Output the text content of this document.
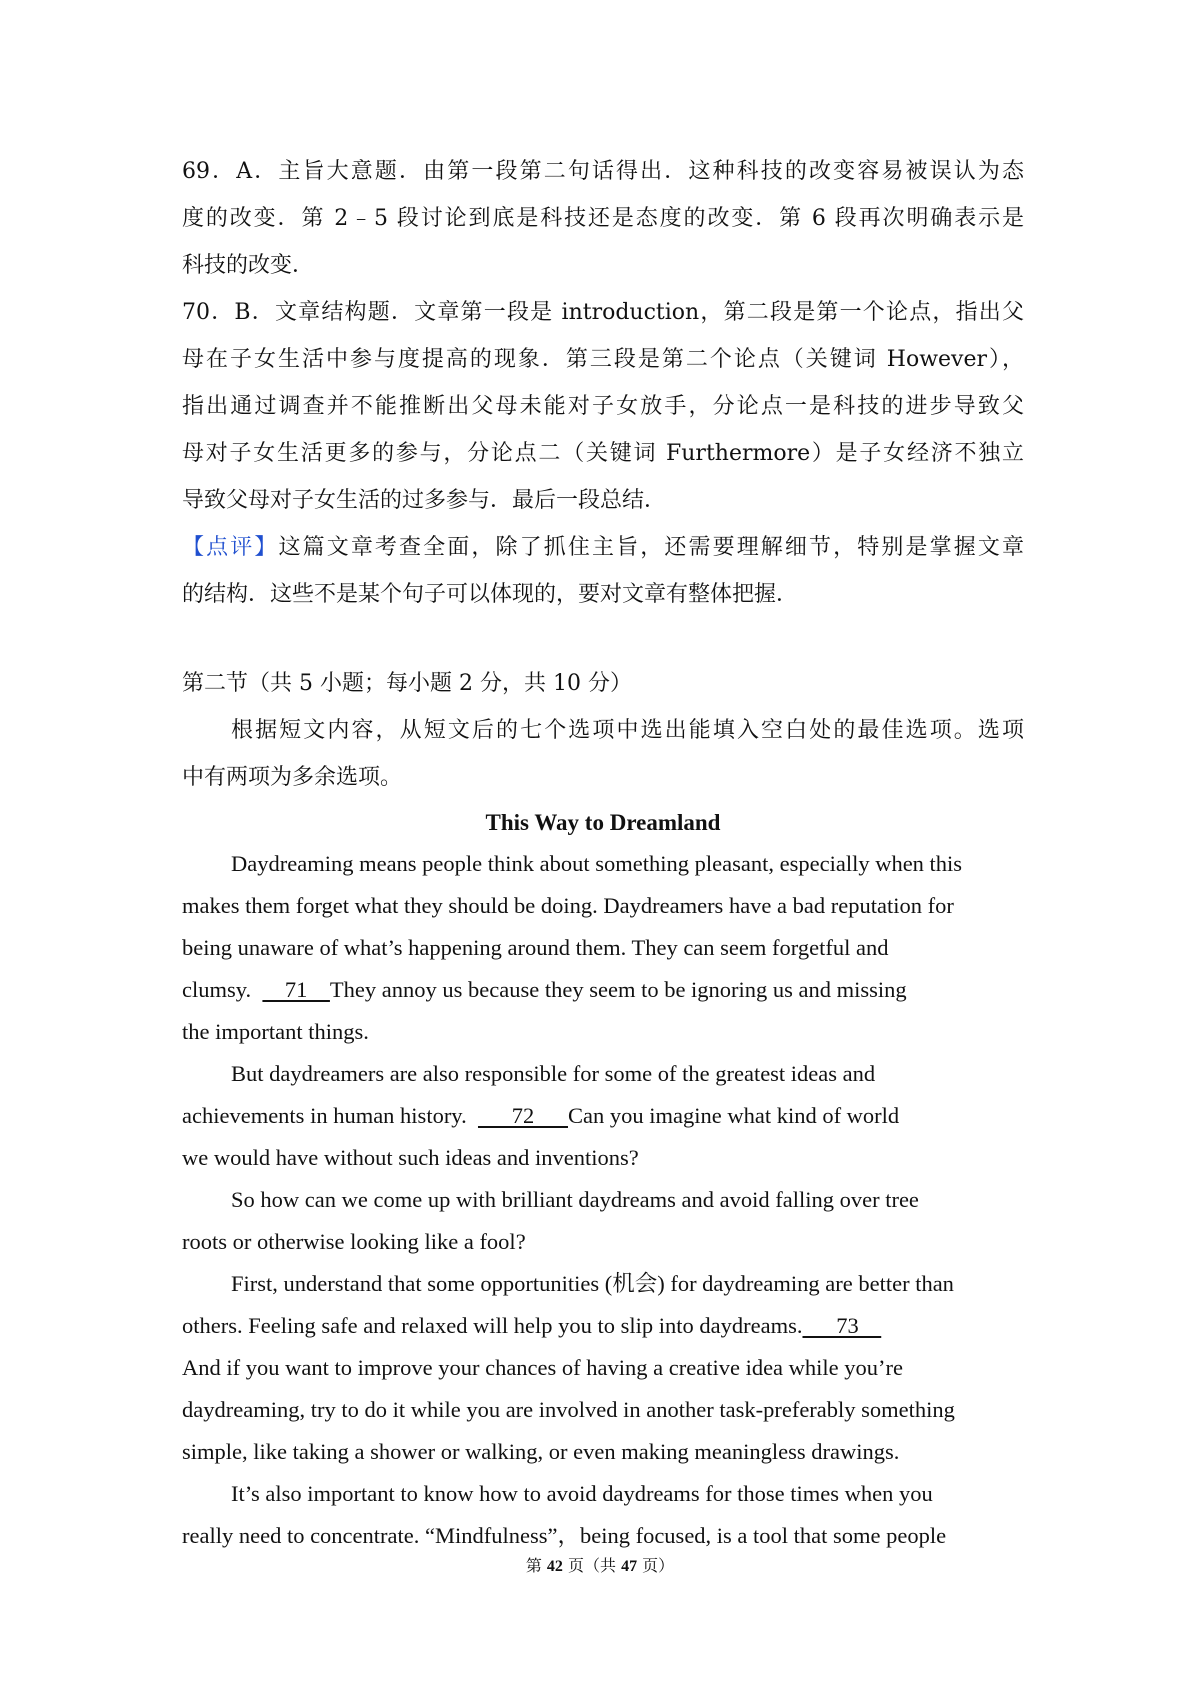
69．A．主旨大意题．由第一段第二句话得出．这种科技的改变容易被误认为态

度的改变．第 2﹣5 段讨论到底是科技还是态度的改变．第 6 段再次明确表示是

科技的改变．

70．B．文章结构题．文章第一段是 introduction，第二段是第一个论点，指出父

母在子女生活中参与度提高的现象．第三段是第二个论点（关键词 However），

指出通过调查并不能推断出父母未能对子女放手，分论点一是科技的进步导致父

母对子女生活更多的参与，分论点二（关键词 Furthermore）是子女经济不独立

导致父母对子女生活的过多参与．最后一段总结．

【点评】这篇文章考查全面，除了抓住主旨，还需要理解细节，特别是掌握文章

的结构．这些不是某个句子可以体现的，要对文章有整体把握．

第二节（共 5 小题；每小题 2 分，共 10 分）

根据短文内容，从短文后的七个选项中选出能填入空白处的最佳选项。选项

中有两项为多余选项。

This Way to Dreamland

Daydreaming means people think about something pleasant, especially when this

makes them forget what they should be doing. Daydreamers have a bad reputation for

being unaware of what’s happening around them. They can seem forgetful and

clumsy.      71    They annoy us because they seem to be ignoring us and missing

the important things.

But daydreamers are also responsible for some of the greatest ideas and

achievements in human history.        72      Can you imagine what kind of world

we would have without such ideas and inventions?

So how can we come up with brilliant daydreams and avoid falling over tree

roots or otherwise looking like a fool?

First, understand that some opportunities (机会) for daydreaming are better than

others. Feeling safe and relaxed will help you to slip into daydreams.      73

And if you want to improve your chances of having a creative idea while you’re

daydreaming, try to do it while you are involved in another task-preferably something

simple, like taking a shower or walking, or even making meaningless drawings.

It’s also important to know how to avoid daydreams for those times when you

really need to concentrate. “Mindfulness”，being focused, is a tool that some people

第 42 页（共 47 页）
